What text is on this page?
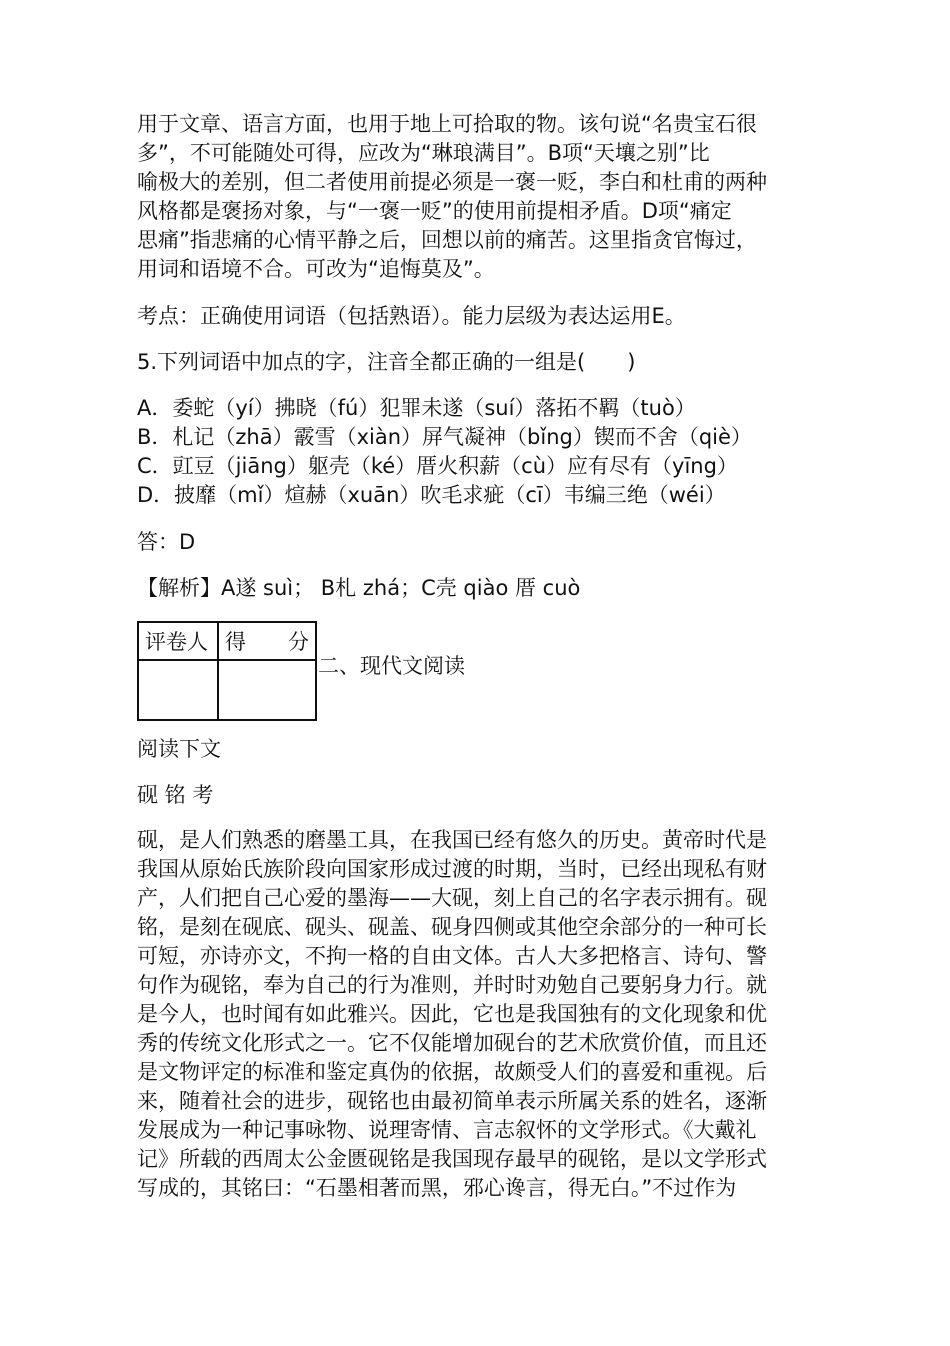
用于文章、语言方面，也用于地上可拾取的物。该句说“名贵宝石很
多”，不可能随处可得，应改为“琳琅满目”。B项“天壤之别”比
喻极大的差别，但二者使用前提必须是一褒一贬，李白和杜甫的两种
风格都是褒扬对象，与“一褒一贬”的使用前提相矛盾。D项“痛定
思痛”指悲痛的心情平静之后，回想以前的痛苦。这里指贪官悔过，
用词和语境不合。可改为“追悔莫及”。
考点：正确使用词语（包括熟语）。能力层级为表达运用E。
5.下列词语中加点的字，注音全都正确的一组是(　　)
A．委蛇（yí）拂晓（fú）犯罪未遂（suí）落拓不羁（tuò）
B．札记（zhā）霰雪（xiàn）屏气凝神（bǐng）锲而不舍（qiè）
C．豇豆（jiāng）躯壳（ké）厝火积薪（cù）应有尽有（yīng）
D．披靡（mǐ）煊赫（xuān）吹毛求疵（cī）韦编三绝（wéi）
答：D
【解析】A遂 suì； B札 zhá；C壳 qiào 厝 cuò
评卷人	得　　分

二、现代文阅读
阅读下文
砚 铭 考
砚，是人们熟悉的磨墨工具，在我国已经有悠久的历史。黄帝时代是
我国从原始氏族阶段向国家形成过渡的时期，当时，已经出现私有财
产，人们把自己心爱的墨海——大砚，刻上自己的名字表示拥有。砚
铭，是刻在砚底、砚头、砚盖、砚身四侧或其他空余部分的一种可长
可短，亦诗亦文，不拘一格的自由文体。古人大多把格言、诗句、警
句作为砚铭，奉为自己的行为准则，并时时劝勉自己要躬身力行。就
是今人，也时闻有如此雅兴。因此，它也是我国独有的文化现象和优
秀的传统文化形式之一。它不仅能增加砚台的艺术欣赏价值，而且还
是文物评定的标准和鉴定真伪的依据，故颇受人们的喜爱和重视。后
来，随着社会的进步，砚铭也由最初简单表示所属关系的姓名，逐渐
发展成为一种记事咏物、说理寄情、言志叙怀的文学形式。《大戴礼
记》所载的西周太公金匮砚铭是我国现存最早的砚铭，是以文学形式
写成的，其铭曰：“石墨相著而黑，邪心谗言，得无白。”不过作为
